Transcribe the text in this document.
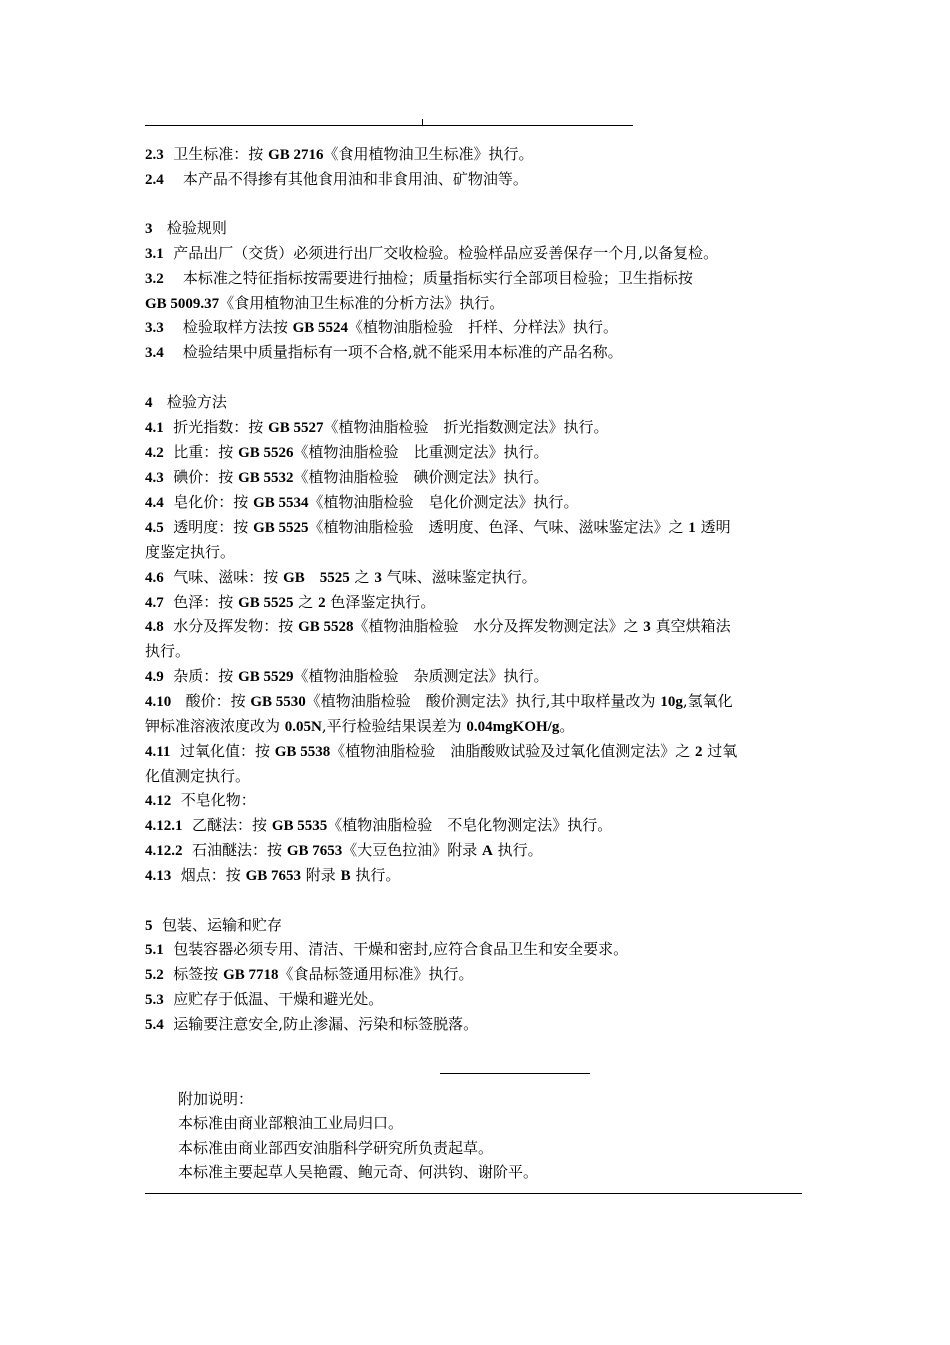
2.3 卫生标准：按 GB 2716《食用植物油卫生标准》执行。
2.4 本产品不得掺有其他食用油和非食用油、矿物油等。
3 检验规则
3.1 产品出厂（交货）必须进行出厂交收检验。检验样品应妥善保存一个月,以备复检。
3.2 本标准之特征指标按需要进行抽检；质量指标实行全部项目检验；卫生指标按
GB 5009.37《食用植物油卫生标准的分析方法》执行。
3.3 检验取样方法按 GB 5524《植物油脂检验　扦样、分样法》执行。
3.4 检验结果中质量指标有一项不合格,就不能采用本标准的产品名称。
4 检验方法
4.1 折光指数：按 GB 5527《植物油脂检验　折光指数测定法》执行。
4.2 比重：按 GB 5526《植物油脂检验　比重测定法》执行。
4.3 碘价：按 GB 5532《植物油脂检验　碘价测定法》执行。
4.4 皂化价：按 GB 5534《植物油脂检验　皂化价测定法》执行。
4.5 透明度：按 GB 5525《植物油脂检验　透明度、色泽、气味、滋味鉴定法》之 1 透明
度鉴定执行。
4.6 气味、滋味：按 GB　5525 之 3 气味、滋味鉴定执行。
4.7 色泽：按 GB 5525 之 2 色泽鉴定执行。
4.8 水分及挥发物：按 GB 5528《植物油脂检验　水分及挥发物测定法》之 3 真空烘箱法
执行。
4.9 杂质：按 GB 5529《植物油脂检验　杂质测定法》执行。
4.10 酸价：按 GB 5530《植物油脂检验　酸价测定法》执行,其中取样量改为 10g,氢氧化
钾标准溶液浓度改为 0.05N,平行检验结果误差为 0.04mgKOH/g。
4.11 过氧化值：按 GB 5538《植物油脂检验　油脂酸败试验及过氧化值测定法》之 2 过氧
化值测定执行。
4.12 不皂化物：
4.12.1 乙醚法：按 GB 5535《植物油脂检验　不皂化物测定法》执行。
4.12.2 石油醚法：按 GB 7653《大豆色拉油》附录 A 执行。
4.13 烟点：按 GB 7653 附录 B 执行。
5 包装、运输和贮存
5.1 包装容器必须专用、清洁、干燥和密封,应符合食品卫生和安全要求。
5.2 标签按 GB 7718《食品标签通用标准》执行。
5.3 应贮存于低温、干燥和避光处。
5.4 运输要注意安全,防止渗漏、污染和标签脱落。
附加说明：
本标准由商业部粮油工业局归口。
本标准由商业部西安油脂科学研究所负责起草。
本标准主要起草人吴艳霞、鲍元奇、何洪钧、谢阶平。
